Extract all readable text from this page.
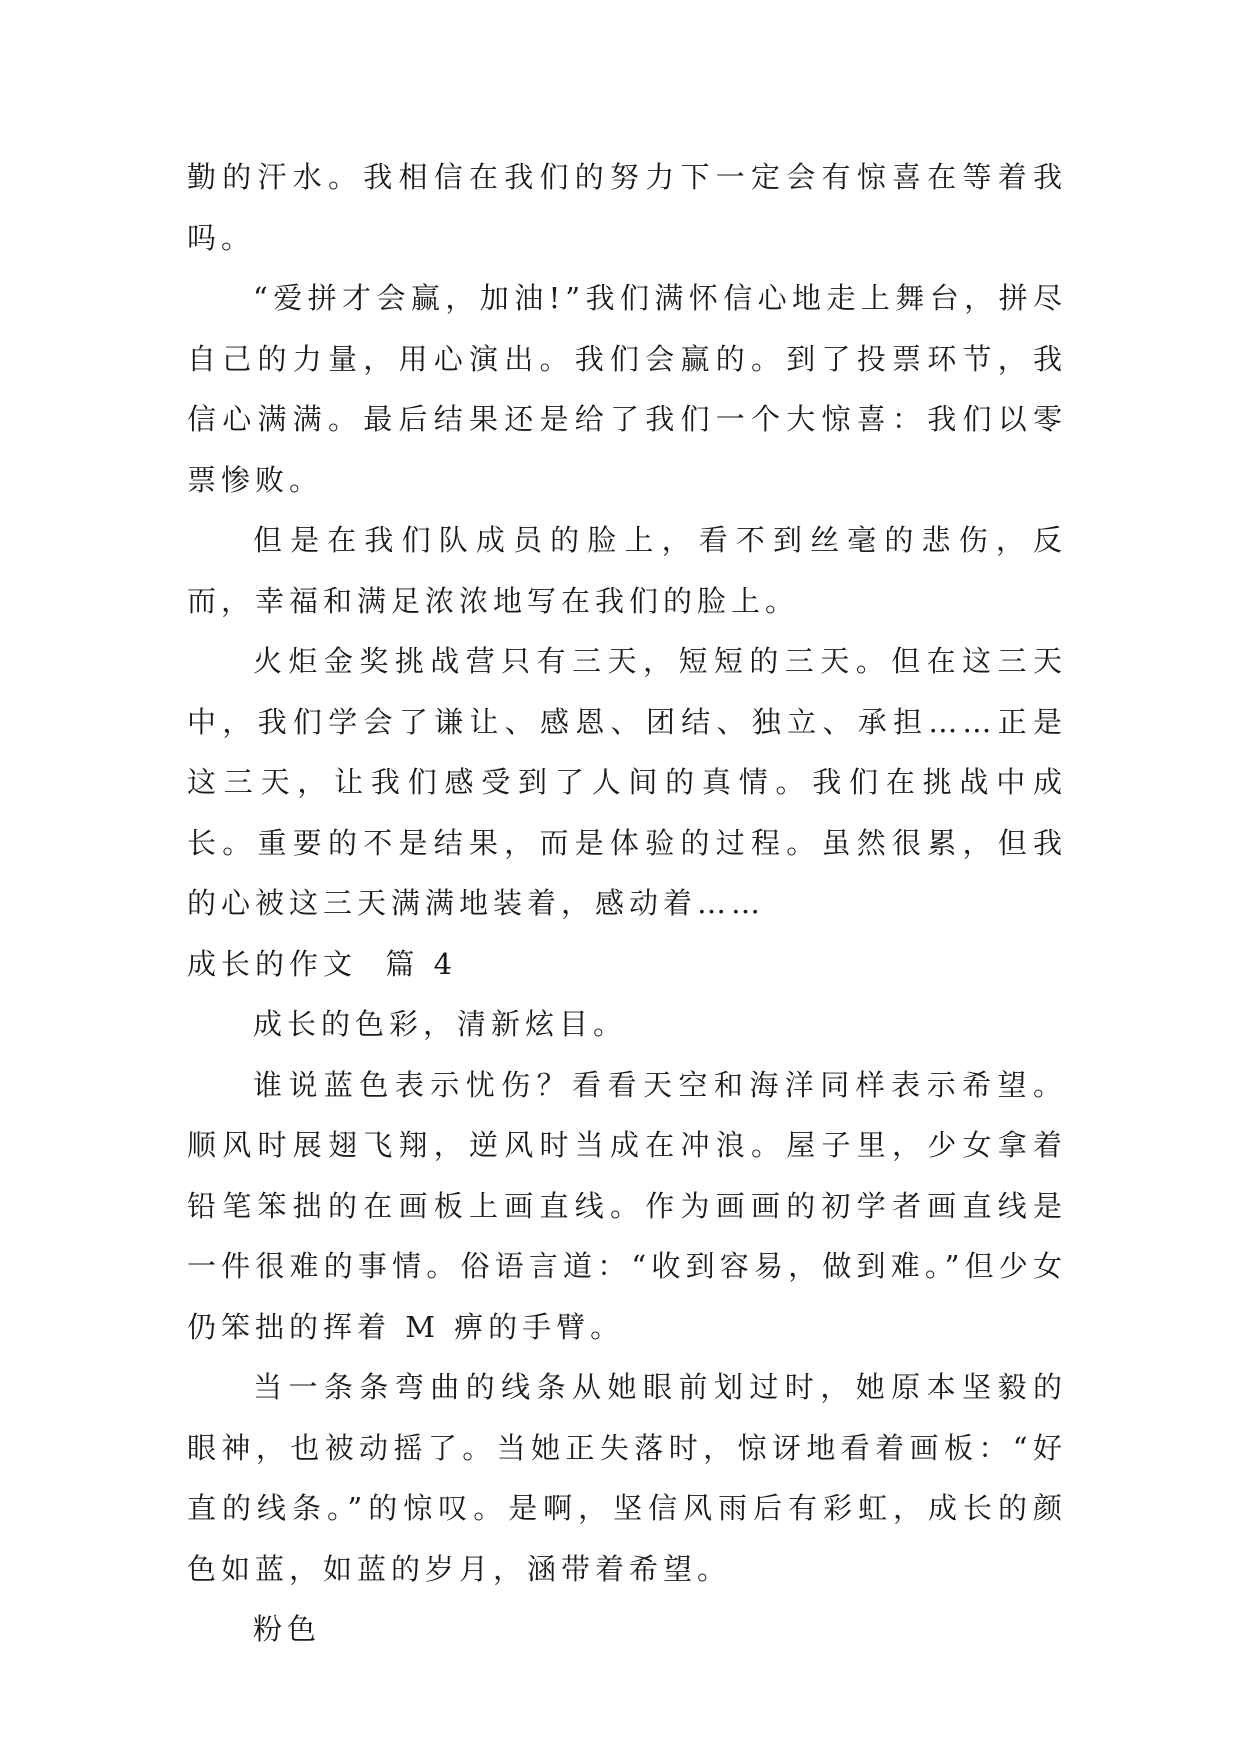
勤的汗水。我相信在我们的努力下一定会有惊喜在等着我吗。

“爱拼才会赢，加油!”我们满怀信心地走上舞台，拼尽自己的力量，用心演出。我们会赢的。到了投票环节，我信心满满。最后结果还是给了我们一个大惊喜：我们以零票惨败。

但是在我们队成员的脸上，看不到丝毫的悲伤，反而，幸福和满足浓浓地写在我们的脸上。

火炬金奖挑战营只有三天，短短的三天。但在这三天中，我们学会了谦让、感恩、团结、独立、承担……正是这三天，让我们感受到了人间的真情。我们在挑战中成长。重要的不是结果，而是体验的过程。虽然很累，但我的心被这三天满满地装着，感动着……

成长的作文  篇 4

成长的色彩，清新炫目。

谁说蓝色表示忧伤？看看天空和海洋同样表示希望。顺风时展翅飞翔，逆风时当成在冲浪。屋子里，少女拿着铅笔笨拙的在画板上画直线。作为画画的初学者画直线是一件很难的事情。俗语言道：“收到容易，做到难。”但少女仍笨拙的挥着 M 痹的手臂。

当一条条弯曲的线条从她眼前划过时，她原本坚毅的眼神，也被动摇了。当她正失落时，惊讶地看着画板：“好直的线条。”的惊叹。是啊，坚信风雨后有彩虹，成长的颜色如蓝，如蓝的岁月，涵带着希望。

粉色
